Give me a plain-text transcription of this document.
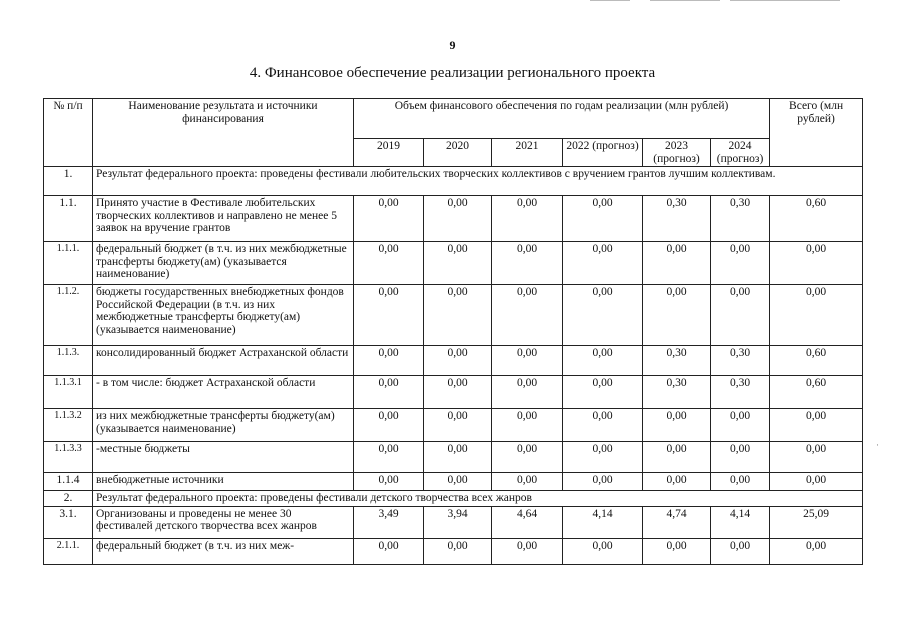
9
4. Финансовое обеспечение реализации регионального проекта
№ п/п	Наименование результата и источники финансирования	Объем финансового обеспечения по годам реализации (млн рублей)						Всего (млн рублей)
		2019	2020	2021	2022 (прогноз)	2023 (прогноз)	2024 (прогноз)	
1.	Результат федерального проекта: проведены фестивали любительских творческих коллективов с вручением грантов лучшим коллективам.							
1.1.	Принято участие в Фестивале любительских творческих коллективов и направлено не менее 5 заявок на вручение грантов	0,00	0,00	0,00	0,00	0,30	0,30	0,60
1.1.1.	федеральный бюджет (в т.ч. из них межбюджетные трансферты бюджету(ам) (указывается наименование)	0,00	0,00	0,00	0,00	0,00	0,00	0,00
1.1.2.	бюджеты государственных внебюджетных фондов Российской Федерации (в т.ч. из них межбюджетные трансферты бюджету(ам) (указывается наименование)	0,00	0,00	0,00	0,00	0,00	0,00	0,00
1.1.3.	консолидированный бюджет Астраханской области	0,00	0,00	0,00	0,00	0,30	0,30	0,60
1.1.3.1	- в том числе: бюджет Астраханской области	0,00	0,00	0,00	0,00	0,30	0,30	0,60
1.1.3.2	из них межбюджетные трансферты бюджету(ам) (указывается наименование)	0,00	0,00	0,00	0,00	0,00	0,00	0,00
1.1.3.3	-местные бюджеты	0,00	0,00	0,00	0,00	0,00	0,00	0,00
1.1.4	внебюджетные источники	0,00	0,00	0,00	0,00	0,00	0,00	0,00
2.	Результат федерального проекта: проведены фестивали детского творчества всех жанров							
3.1.	Организованы и проведены не менее 30 фестивалей детского творчества всех жанров	3,49	3,94	4,64	4,14	4,74	4,14	25,09
2.1.1.	федеральный бюджет (в т.ч. из них меж-	0,00	0,00	0,00	0,00	0,00	0,00	0,00
·
